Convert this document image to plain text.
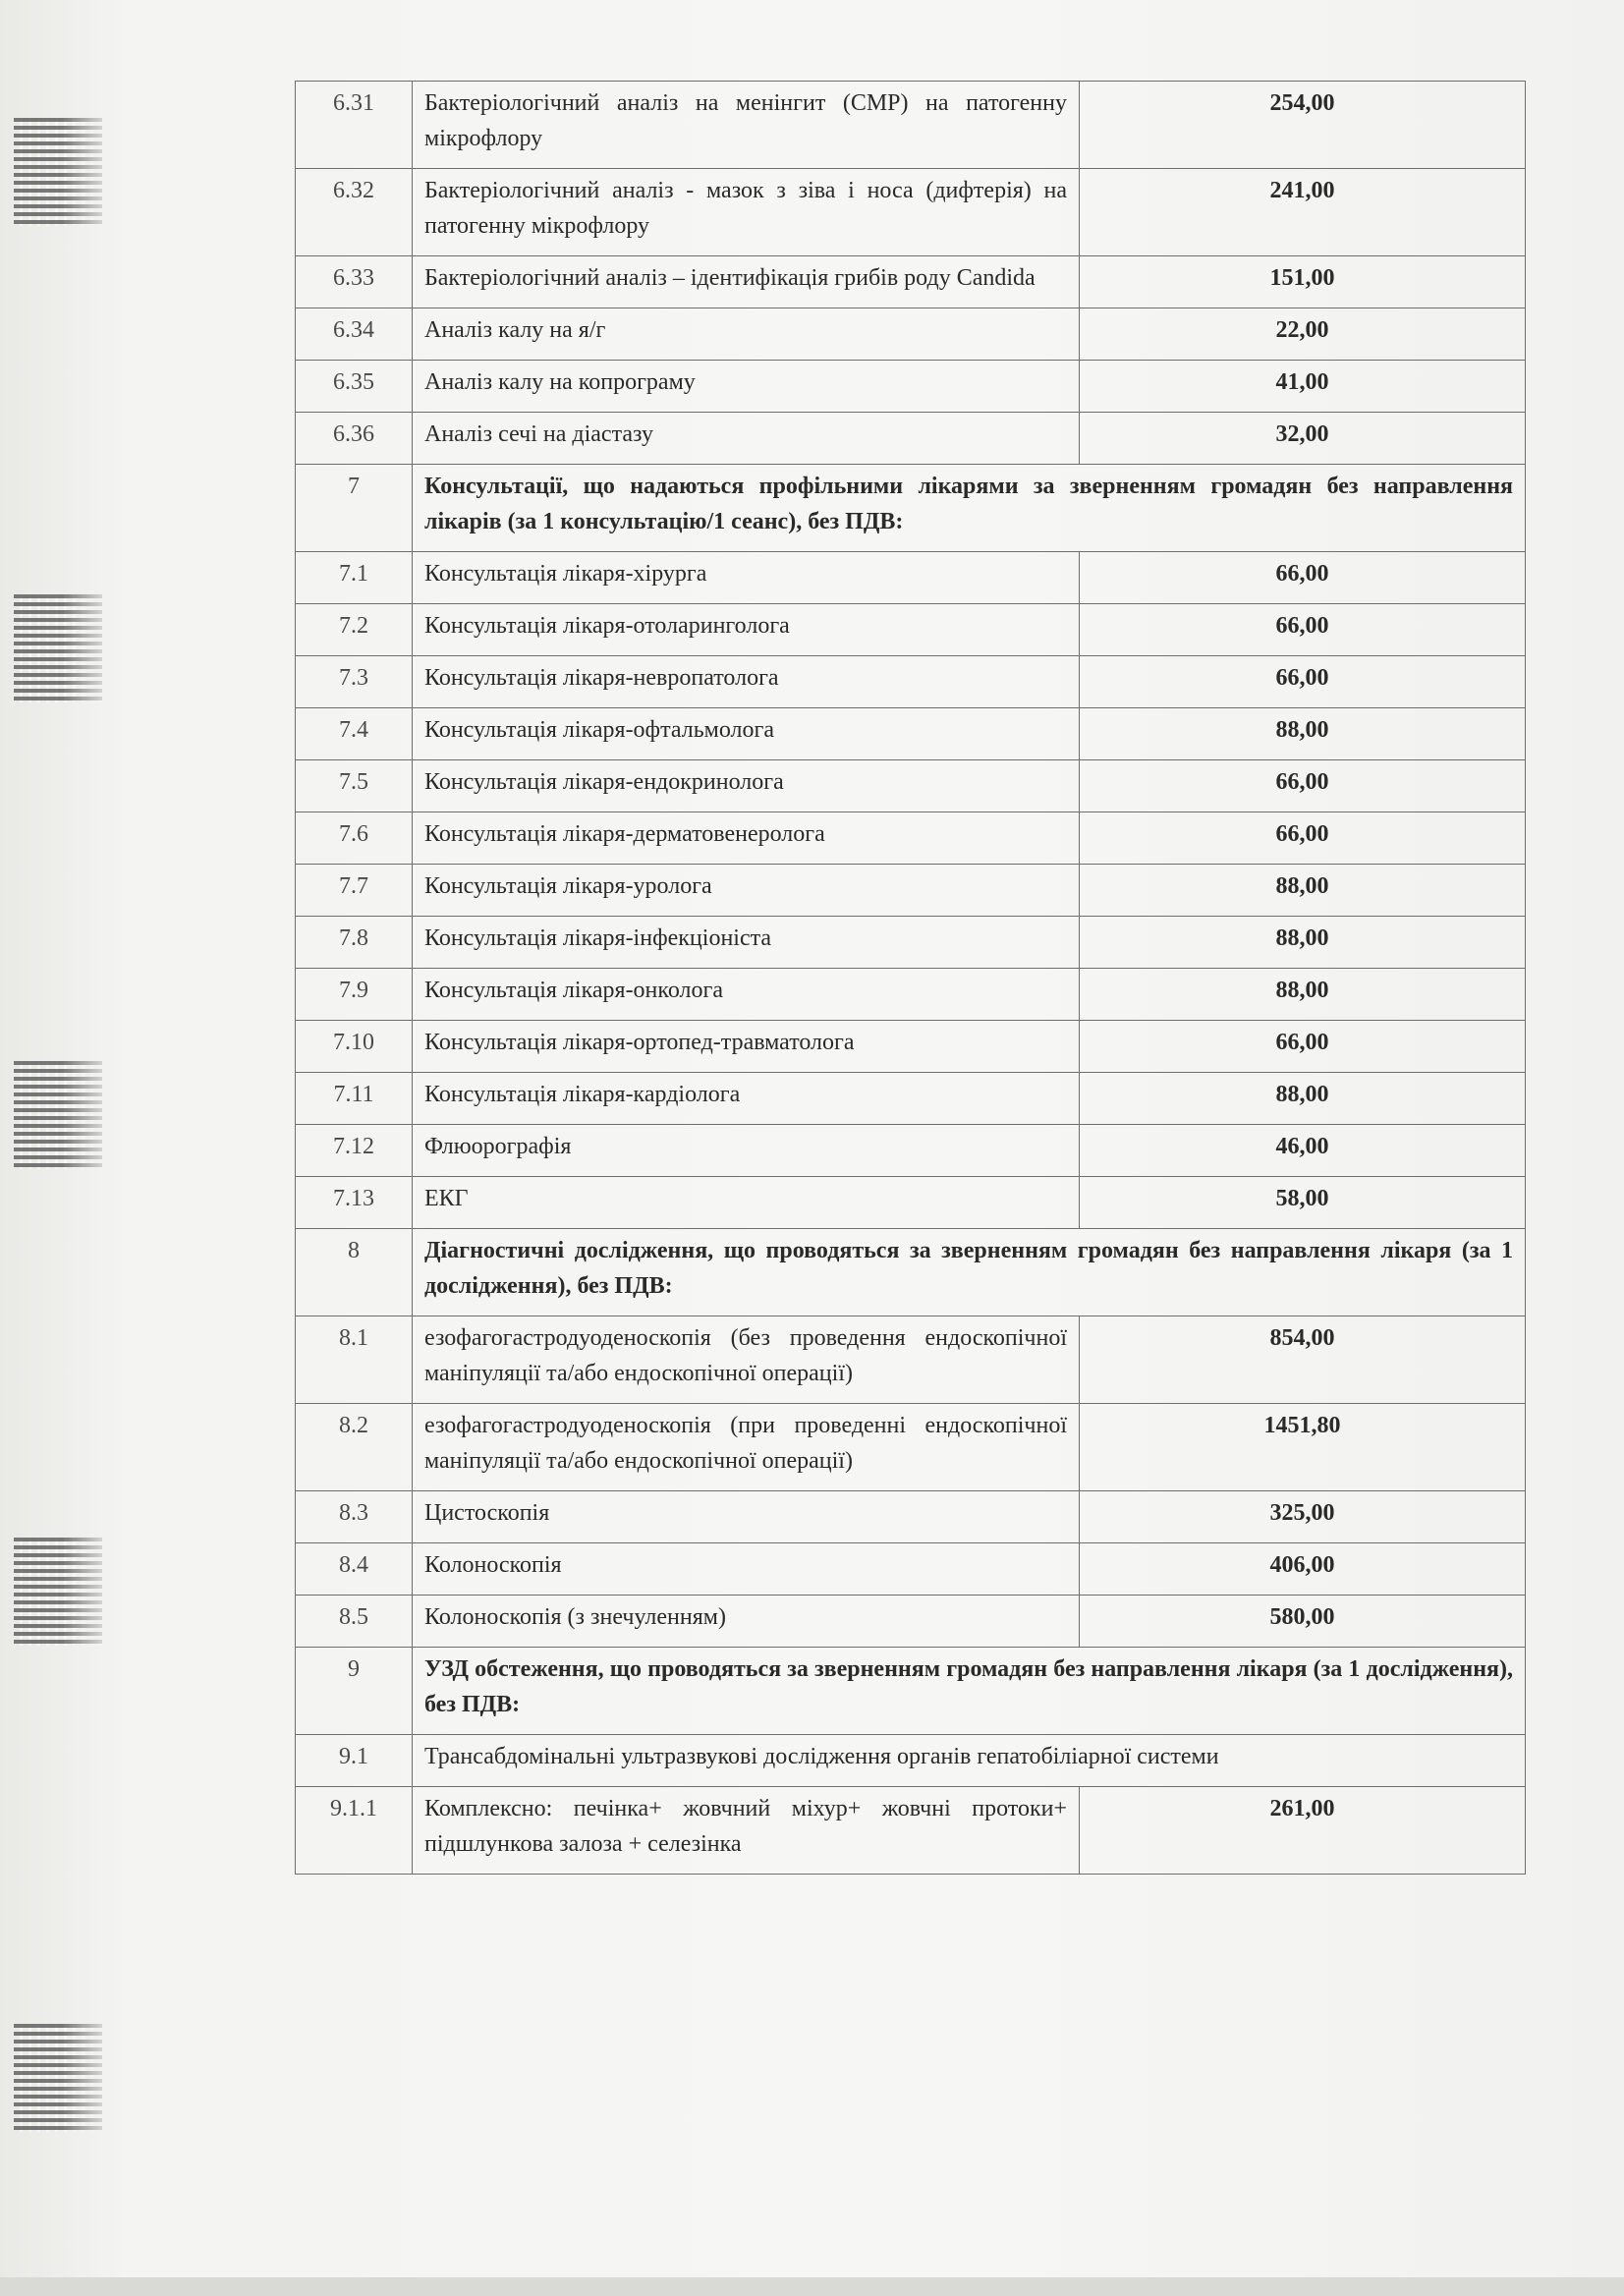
6.31	Бактеріологічний аналіз на менінгит (СМР) на патогенну мікрофлору	254,00
6.32	Бактеріологічний аналіз - мазок з зіва і носа (дифтерія) на патогенну мікрофлору	241,00
6.33	Бактеріологічний аналіз – ідентифікація грибів роду Candida	151,00
6.34	Аналіз калу на я/г	22,00
6.35	Аналіз калу на копрограму	41,00
6.36	Аналіз сечі на діастазу	32,00
7	Консультації, що надаються профільними лікарями за зверненням громадян без направлення лікарів (за 1 консультацію/1 сеанс), без ПДВ:	
7.1	Консультація лікаря-хірурга	66,00
7.2	Консультація лікаря-отоларинголога	66,00
7.3	Консультація лікаря-невропатолога	66,00
7.4	Консультація лікаря-офтальмолога	88,00
7.5	Консультація лікаря-ендокринолога	66,00
7.6	Консультація лікаря-дерматовенеролога	66,00
7.7	Консультація лікаря-уролога	88,00
7.8	Консультація лікаря-інфекціоніста	88,00
7.9	Консультація лікаря-онколога	88,00
7.10	Консультація лікаря-ортопед-травматолога	66,00
7.11	Консультація лікаря-кардіолога	88,00
7.12	Флюорографія	46,00
7.13	ЕКГ	58,00
8	Діагностичні дослідження, що проводяться за зверненням громадян без направлення лікаря (за 1 дослідження), без ПДВ:	
8.1	езофагогастродуоденоскопія (без проведення ендоскопічної маніпуляції та/або ендоскопічної операції)	854,00
8.2	езофагогастродуоденоскопія (при проведенні ендоскопічної маніпуляції та/або ендоскопічної операції)	1451,80
8.3	Цистоскопія	325,00
8.4	Колоноскопія	406,00
8.5	Колоноскопія (з знечуленням)	580,00
9	УЗД обстеження, що проводяться за зверненням громадян без направлення лікаря (за 1 дослідження), без ПДВ:	
9.1	Трансабдомінальні ультразвукові дослідження органів гепатобіліарної системи	
9.1.1	Комплексно: печінка+ жовчний міхур+ жовчні протоки+ підшлункова залоза + селезінка	261,00
